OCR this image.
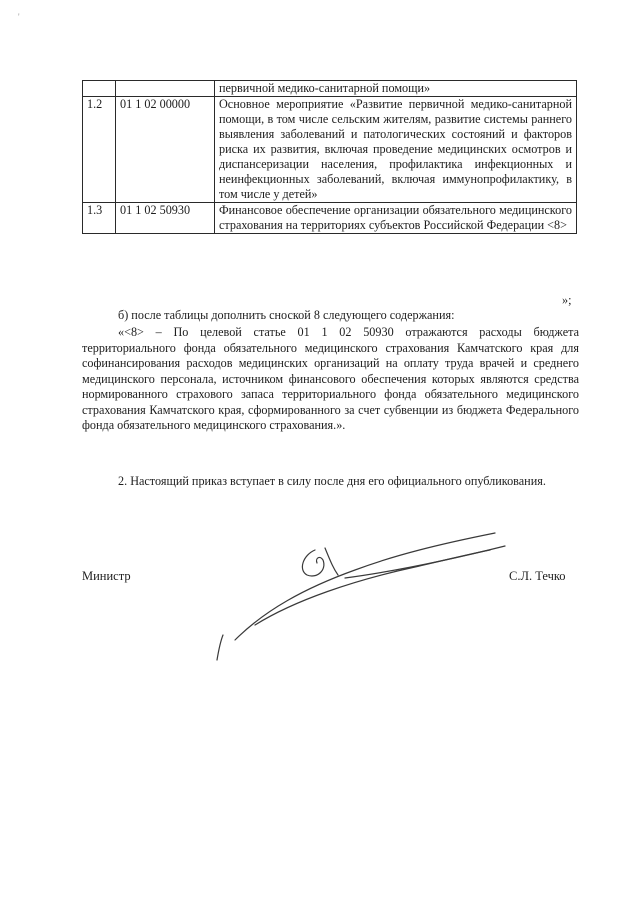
'
		первичной медико-санитарной помощи»
1.2	01 1 02 00000	Основное мероприятие «Развитие первичной медико-санитарной помощи, в том числе сельским жителям, развитие системы раннего выявления заболеваний и патологических состояний и факторов риска их развития, включая проведение медицинских осмотров и диспансеризации населения, профилактика инфекционных и неинфекционных заболеваний, включая иммунопрофилактику, в том числе у детей»
1.3	01 1 02 50930	Финансовое обеспечение организации обязательного медицинского страхования на территориях субъектов Российской Федерации <8>
»;
б) после таблицы дополнить сноской 8 следующего содержания:
«<8> – По целевой статье 01 1 02 50930 отражаются расходы бюджета территориального фонда обязательного медицинского страхования Камчатского края для софинансирования расходов медицинских организаций на оплату труда врачей и среднего медицинского персонала, источником финансового обеспечения которых являются средства нормированного страхового запаса территориального фонда обязательного медицинского страхования Камчатского края, сформированного за счет субвенции из бюджета Федерального фонда обязательного медицинского страхования.».
2. Настоящий приказ вступает в силу после дня его официального опубликования.
Министр	С.Л. Течко
